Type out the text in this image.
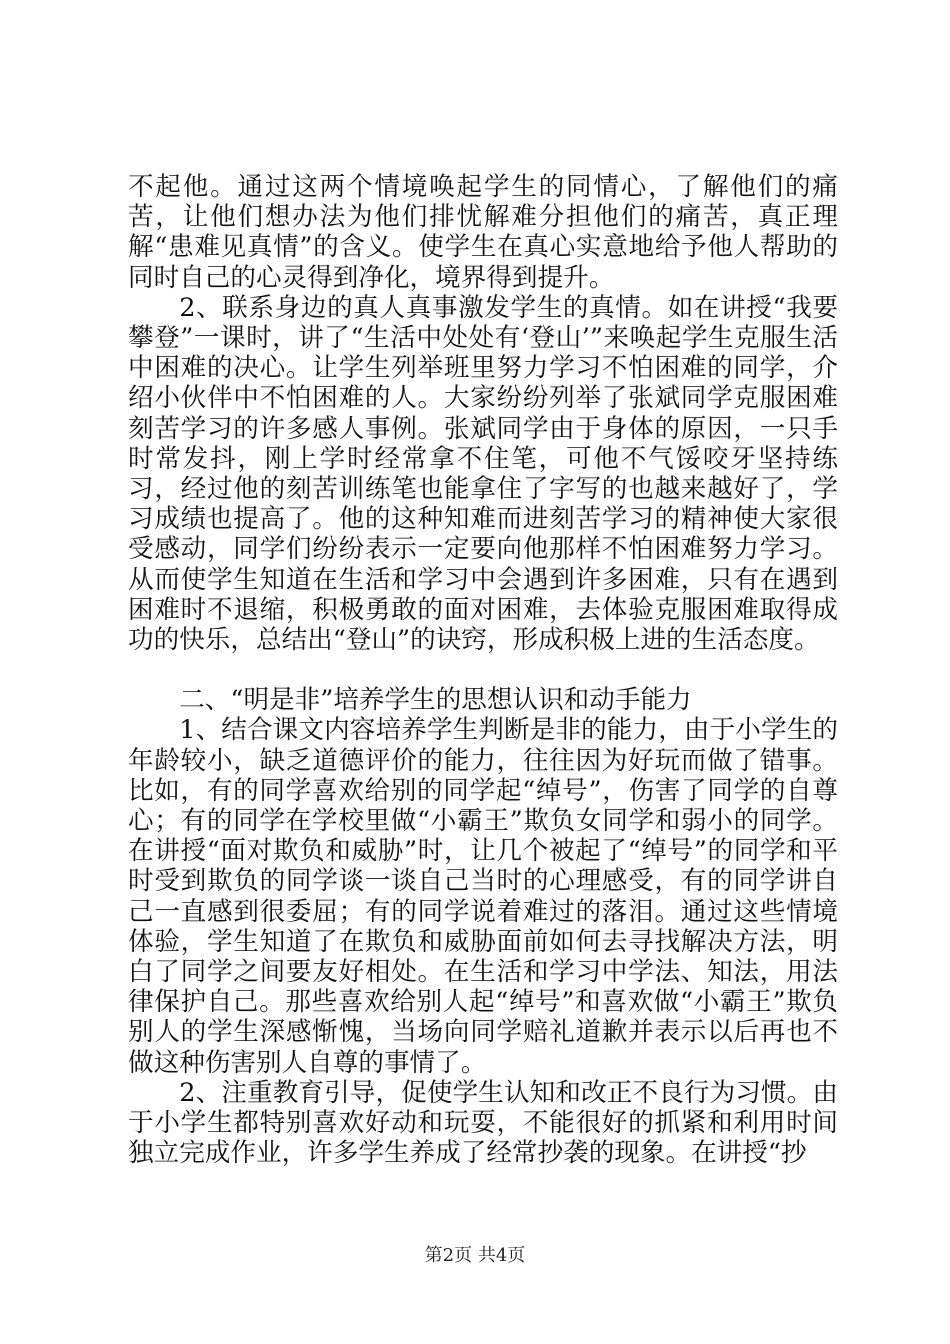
不起他。通过这两个情境唤起学生的同情心，了解他们的痛苦，让他们想办法为他们排忧解难分担他们的痛苦，真正理解“患难见真情”的含义。使学生在真心实意地给予他人帮助的同时自己的心灵得到净化，境界得到提升。

2、联系身边的真人真事激发学生的真情。如在讲授“我要攀登”一课时，讲了“生活中处处有‘登山’”来唤起学生克服生活中困难的决心。让学生列举班里努力学习不怕困难的同学，介绍小伙伴中不怕困难的人。大家纷纷列举了张斌同学克服困难刻苦学习的许多感人事例。张斌同学由于身体的原因，一只手时常发抖，刚上学时经常拿不住笔，可他不气馁咬牙坚持练习，经过他的刻苦训练笔也能拿住了字写的也越来越好了，学习成绩也提高了。他的这种知难而进刻苦学习的精神使大家很受感动，同学们纷纷表示一定要向他那样不怕困难努力学习。从而使学生知道在生活和学习中会遇到许多困难，只有在遇到困难时不退缩，积极勇敢的面对困难，去体验克服困难取得成功的快乐，总结出“登山”的诀窍，形成积极上进的生活态度。

二、“明是非”培养学生的思想认识和动手能力

1、结合课文内容培养学生判断是非的能力，由于小学生的年龄较小，缺乏道德评价的能力，往往因为好玩而做了错事。比如，有的同学喜欢给别的同学起“绰号”，伤害了同学的自尊心；有的同学在学校里做“小霸王”欺负女同学和弱小的同学。在讲授“面对欺负和威胁”时，让几个被起了“绰号”的同学和平时受到欺负的同学谈一谈自己当时的心理感受，有的同学讲自己一直感到很委屈；有的同学说着难过的落泪。通过这些情境体验，学生知道了在欺负和威胁面前如何去寻找解决方法，明白了同学之间要友好相处。在生活和学习中学法、知法，用法律保护自己。那些喜欢给别人起“绰号”和喜欢做“小霸王”欺负别人的学生深感惭愧，当场向同学赔礼道歉并表示以后再也不做这种伤害别人自尊的事情了。

2、注重教育引导，促使学生认知和改正不良行为习惯。由于小学生都特别喜欢好动和玩耍，不能很好的抓紧和利用时间独立完成作业，许多学生养成了经常抄袭的现象。在讲授“抄

第2页 共4页
